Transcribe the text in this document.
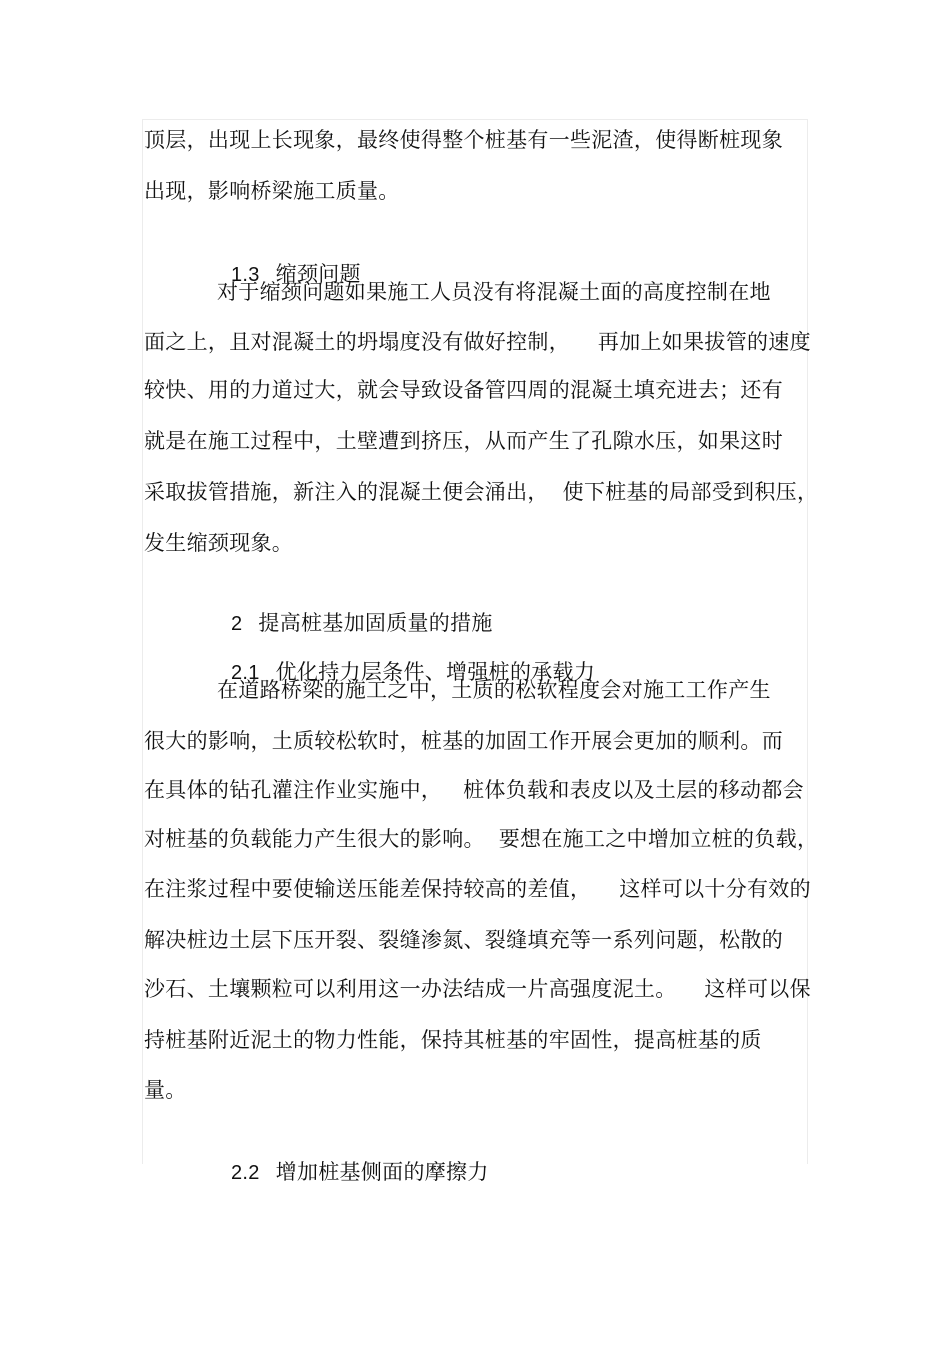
顶层，出现上长现象，最终使得整个桩基有一些泥渣，使得断桩现象
出现，影响桥梁施工质量。

1.3 缩颈问题

对于缩颈问题如果施工人员没有将混凝土面的高度控制在地
面之上，且对混凝土的坍塌度没有做好控制，    再加上如果拔管的速度
较快、用的力道过大，就会导致设备管四周的混凝土填充进去；还有
就是在施工过程中，土壁遭到挤压，从而产生了孔隙水压，如果这时
采取拔管措施，新注入的混凝土便会涌出，  使下桩基的局部受到积压，
发生缩颈现象。

2 提高桩基加固质量的措施

2.1 优化持力层条件、增强桩的承载力

在道路桥梁的施工之中，土质的松软程度会对施工工作产生
很大的影响，土质较松软时，桩基的加固工作开展会更加的顺利。而
在具体的钻孔灌注作业实施中，   桩体负载和表皮以及土层的移动都会
对桩基的负载能力产生很大的影响。  要想在施工之中增加立桩的负载，
在注浆过程中要使输送压能差保持较高的差值，    这样可以十分有效的
解决桩边土层下压开裂、裂缝渗氮、裂缝填充等一系列问题，松散的
沙石、土壤颗粒可以利用这一办法结成一片高强度泥土。    这样可以保
持桩基附近泥土的物力性能，保持其桩基的牢固性，提高桩基的质
量。

2.2 增加桩基侧面的摩擦力
